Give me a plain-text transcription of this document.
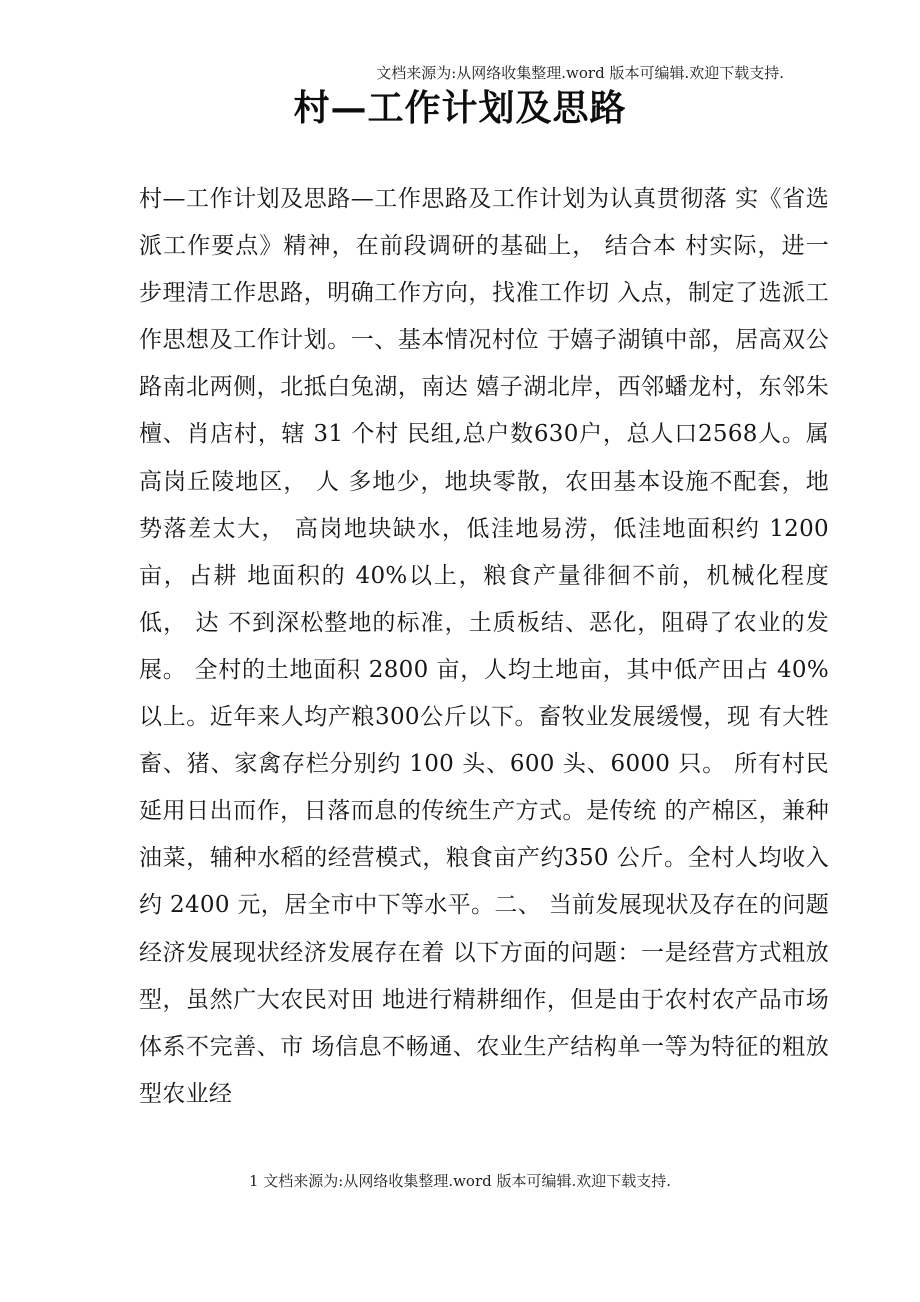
文档来源为:从网络收集整理.word 版本可编辑.欢迎下载支持.
村—工作计划及思路

村—工作计划及思路—工作思路及工作计划为认真贯彻落 实《省选派工作要点》精神，在前段调研的基础上， 结合本 村实际，进一步理清工作思路，明确工作方向，找准工作切 入点，制定了选派工作思想及工作计划。一、基本情况村位 于嬉子湖镇中部，居高双公路南北两侧，北抵白兔湖，南达 嬉子湖北岸，西邻蟠龙村，东邻朱檀、肖店村，辖 31 个村 民组,总户数630户，总人口2568人。属高岗丘陵地区， 人 多地少，地块零散，农田基本设施不配套，地势落差太大， 高岗地块缺水，低洼地易涝，低洼地面积约 1200 亩，占耕 地面积的 40%以上，粮食产量徘徊不前，机械化程度低， 达 不到深松整地的标准，土质板结、恶化，阻碍了农业的发展。 全村的土地面积 2800 亩，人均土地亩，其中低产田占 40% 以上。近年来人均产粮300公斤以下。畜牧业发展缓慢，现 有大牲畜、猪、家禽存栏分别约 100 头、600 头、6000 只。 所有村民延用日出而作，日落而息的传统生产方式。是传统 的产棉区，兼种油菜，辅种水稻的经营模式，粮食亩产约350 公斤。全村人均收入约 2400 元，居全市中下等水平。二、 当前发展现状及存在的问题经济发展现状经济发展存在着 以下方面的问题：一是经营方式粗放型，虽然广大农民对田 地进行精耕细作，但是由于农村农产品市场体系不完善、市 场信息不畅通、农业生产结构单一等为特征的粗放型农业经

1 文档来源为:从网络收集整理.word 版本可编辑.欢迎下载支持.
